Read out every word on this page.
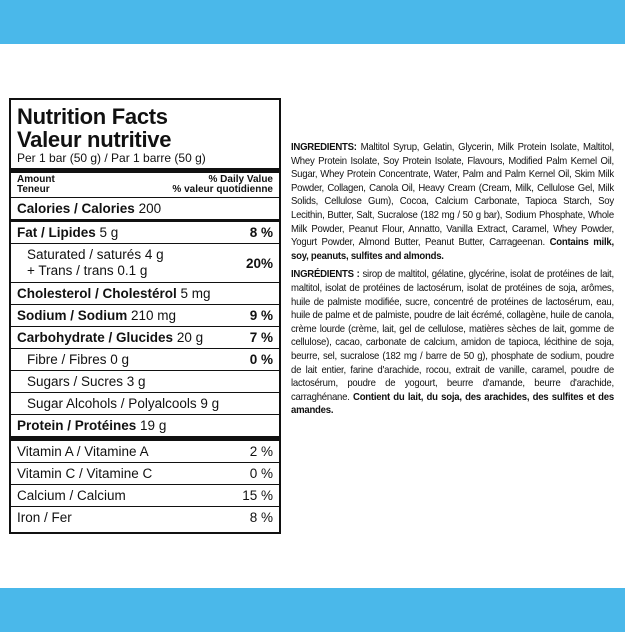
Nutrition Facts
Valeur nutritive
Per 1 bar (50 g) / Par 1 barre (50 g)
Amount
Teneur
% Daily Value
% valeur quotidienne
Calories / Calories 200
Fat / Lipides 5 g	8 %
Saturated / saturés 4 g
+ Trans / trans 0.1 g	20%
Cholesterol / Cholestérol 5 mg
Sodium / Sodium 210 mg	9 %
Carbohydrate / Glucides 20 g	7 %
Fibre / Fibres 0 g	0 %
Sugars / Sucres 3 g
Sugar Alcohols / Polyalcools 9 g
Protein / Protéines 19 g
Vitamin A / Vitamine A	2 %
Vitamin C / Vitamine C	0 %
Calcium / Calcium	15 %
Iron / Fer	8 %

INGREDIENTS: Maltitol Syrup, Gelatin, Glycerin, Milk Protein Isolate, Maltitol, Whey Protein Isolate, Soy Protein Isolate, Flavours, Modified Palm Kernel Oil, Sugar, Whey Protein Concentrate, Water, Palm and Palm Kernel Oil, Skim Milk Powder, Collagen, Canola Oil, Heavy Cream (Cream, Milk, Cellulose Gel, Milk Solids, Cellulose Gum), Cocoa, Calcium Carbonate, Tapioca Starch, Soy Lecithin, Butter, Salt, Sucralose (182 mg / 50 g bar), Sodium Phosphate, Whole Milk Powder, Peanut Flour, Annatto, Vanilla Extract, Caramel, Whey Powder, Yogurt Powder, Almond Butter, Peanut Butter, Carrageenan. Contains milk, soy, peanuts, sulfites and almonds.

INGRÉDIENTS : sirop de maltitol, gélatine, glycérine, isolat de protéines de lait, maltitol, isolat de protéines de lactosérum, isolat de protéines de soja, arômes, huile de palmiste modifiée, sucre, concentré de protéines de lactosérum, eau, huile de palme et de palmiste, poudre de lait écrémé, collagène, huile de canola, crème lourde (crème, lait, gel de cellulose, matières sèches de lait, gomme de cellulose), cacao, carbonate de calcium, amidon de tapioca, lécithine de soja, beurre, sel, sucralose (182 mg / barre de 50 g), phosphate de sodium, poudre de lait entier, farine d'arachide, rocou, extrait de vanille, caramel, poudre de lactosérum, poudre de yogourt, beurre d'amande, beurre d'arachide, carraghénane. Contient du lait, du soja, des arachides, des sulfites et des amandes.
